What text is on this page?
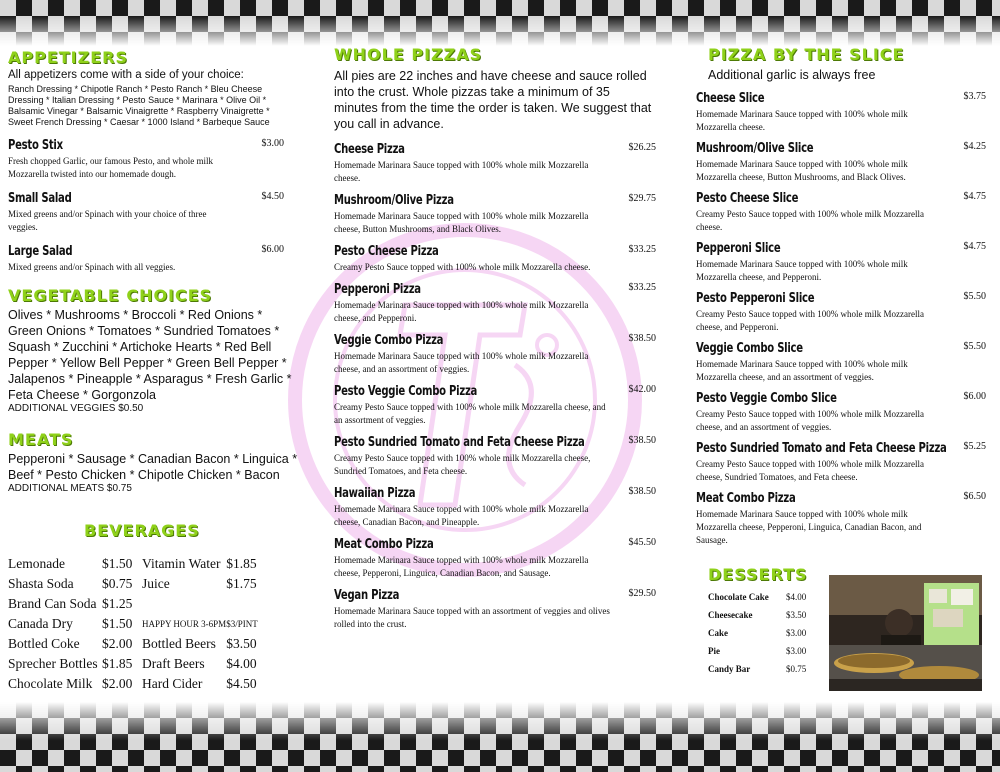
APPETIZERS
All appetizers come with a side of your choice:
Ranch Dressing * Chipotle Ranch * Pesto Ranch * Bleu Cheese Dressing * Italian Dressing * Pesto Sauce * Marinara * Olive Oil * Balsamic Vinegar * Balsamic Vinaigrette * Raspberry Vinaigrette * Sweet French Dressing * Caesar * 1000 Island * Barbeque Sauce
Pesto Stix	$3.00
Fresh chopped Garlic, our famous Pesto, and whole milk Mozzarella twisted into our homemade dough.
Small Salad	$4.50
Mixed greens and/or Spinach with your choice of three veggies.
Large Salad	$6.00
Mixed greens and/or Spinach with all veggies.
VEGETABLE CHOICES
Olives * Mushrooms * Broccoli * Red Onions * Green Onions * Tomatoes * Sundried Tomatoes * Squash * Zucchini * Artichoke Hearts * Red Bell Pepper * Yellow Bell Pepper * Green Bell Pepper * Jalapenos * Pineapple * Asparagus * Fresh Garlic * Feta Cheese * Gorgonzola
ADDITIONAL VEGGIES $0.50
MEATS
Pepperoni * Sausage * Canadian Bacon * Linguica * Beef * Pesto Chicken * Chipotle Chicken * Bacon
ADDITIONAL MEATS $0.75
BEVERAGES
Lemonade	$1.50	Vitamin Water	$1.85
Shasta Soda	$0.75	Juice	$1.75
Brand Can Soda	$1.25		
Canada Dry	$1.50	HAPPY HOUR 3-6PM	$3/PINT
Bottled Coke	$2.00	Bottled Beers	$3.50
Sprecher Bottles	$1.85	Draft Beers	$4.00
Chocolate Milk	$2.00	Hard Cider	$4.50
WHOLE PIZZAS
All pies are 22 inches and have cheese and sauce rolled into the crust. Whole pizzas take a minimum of 35 minutes from the time the order is taken. We suggest that you call in advance.
Cheese Pizza	$26.25
Homemade Marinara Sauce topped with 100% whole milk Mozzarella cheese.
Mushroom/Olive Pizza	$29.75
Homemade Marinara Sauce topped with 100% whole milk Mozzarella cheese, Button Mushrooms, and Black Olives.
Pesto Cheese Pizza	$33.25
Creamy Pesto Sauce topped with 100% whole milk Mozzarella cheese.
Pepperoni Pizza	$33.25
Homemade Marinara Sauce topped with 100% whole milk Mozzarella cheese, and Pepperoni.
Veggie Combo Pizza	$38.50
Homemade Marinara Sauce topped with 100% whole milk Mozzarella cheese, and an assortment of veggies.
Pesto Veggie Combo Pizza	$42.00
Creamy Pesto Sauce topped with 100% whole milk Mozzarella cheese, and an assortment of veggies.
Pesto Sundried Tomato and Feta Cheese Pizza	$38.50
Creamy Pesto Sauce topped with 100% whole milk Mozzarella cheese, Sundried Tomatoes, and Feta cheese.
Hawaiian Pizza	$38.50
Homemade Marinara Sauce topped with 100% whole milk Mozzarella cheese, Canadian Bacon, and Pineapple.
Meat Combo Pizza	$45.50
Homemade Marinara Sauce topped with 100% whole milk Mozzarella cheese, Pepperoni, Linguica, Canadian Bacon, and Sausage.
Vegan Pizza	$29.50
Homemade Marinara Sauce topped with an assortment of veggies and olives rolled into the crust.
PIZZA BY THE SLICE
Additional garlic is always free
Cheese Slice	$3.75
Homemade Marinara Sauce topped with 100% whole milk Mozzarella cheese.
Mushroom/Olive Slice	$4.25
Homemade Marinara Sauce topped with 100% whole milk Mozzarella cheese, Button Mushrooms, and Black Olives.
Pesto Cheese Slice	$4.75
Creamy Pesto Sauce topped with 100% whole milk Mozzarella cheese.
Pepperoni Slice	$4.75
Homemade Marinara Sauce topped with 100% whole milk Mozzarella cheese, and Pepperoni.
Pesto Pepperoni Slice	$5.50
Creamy Pesto Sauce topped with 100% whole milk Mozzarella cheese, and Pepperoni.
Veggie Combo Slice	$5.50
Homemade Marinara Sauce topped with 100% whole milk Mozzarella cheese, and an assortment of veggies.
Pesto Veggie Combo Slice	$6.00
Creamy Pesto Sauce topped with 100% whole milk Mozzarella cheese, and an assortment of veggies.
Pesto Sundried Tomato and Feta Cheese Pizza $5.25
Creamy Pesto Sauce topped with 100% whole milk Mozzarella cheese, Sundried Tomatoes, and Feta cheese.
Meat Combo Pizza	$6.50
Homemade Marinara Sauce topped with 100% whole milk Mozzarella cheese, Pepperoni, Linguica, Canadian Bacon, and Sausage.
DESSERTS
Chocolate Cake	$4.00
Cheesecake	$3.50
Cake	$3.00
Pie	$3.00
Candy Bar	$0.75
